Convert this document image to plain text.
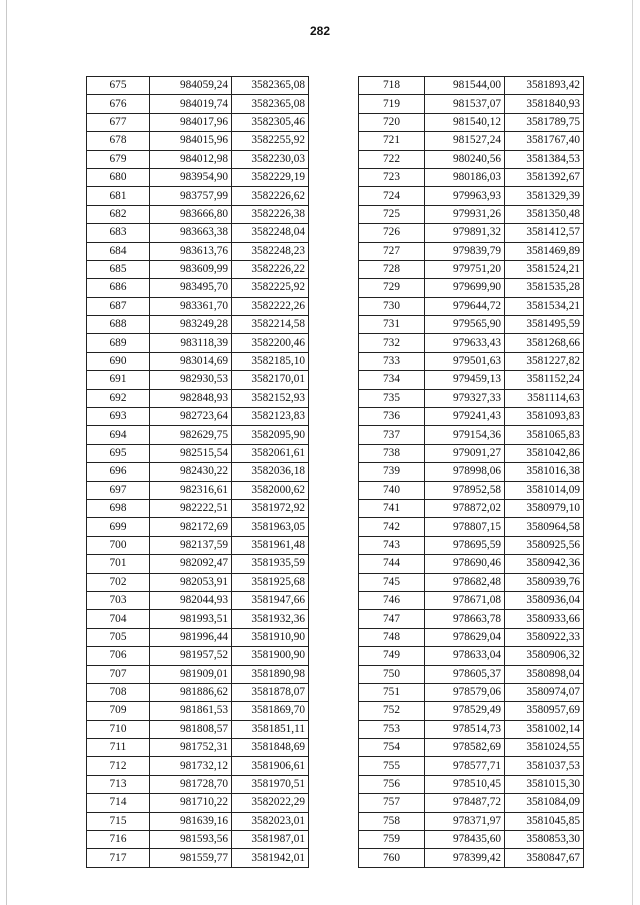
282
675	984059,24	3582365,08
676	984019,74	3582365,08
677	984017,96	3582305,46
678	984015,96	3582255,92
679	984012,98	3582230,03
680	983954,90	3582229,19
681	983757,99	3582226,62
682	983666,80	3582226,38
683	983663,38	3582248,04
684	983613,76	3582248,23
685	983609,99	3582226,22
686	983495,70	3582225,92
687	983361,70	3582222,26
688	983249,28	3582214,58
689	983118,39	3582200,46
690	983014,69	3582185,10
691	982930,53	3582170,01
692	982848,93	3582152,93
693	982723,64	3582123,83
694	982629,75	3582095,90
695	982515,54	3582061,61
696	982430,22	3582036,18
697	982316,61	3582000,62
698	982222,51	3581972,92
699	982172,69	3581963,05
700	982137,59	3581961,48
701	982092,47	3581935,59
702	982053,91	3581925,68
703	982044,93	3581947,66
704	981993,51	3581932,36
705	981996,44	3581910,90
706	981957,52	3581900,90
707	981909,01	3581890,98
708	981886,62	3581878,07
709	981861,53	3581869,70
710	981808,57	3581851,11
711	981752,31	3581848,69
712	981732,12	3581906,61
713	981728,70	3581970,51
714	981710,22	3582022,29
715	981639,16	3582023,01
716	981593,56	3581987,01
717	981559,77	3581942,01
718	981544,00	3581893,42
719	981537,07	3581840,93
720	981540,12	3581789,75
721	981527,24	3581767,40
722	980240,56	3581384,53
723	980186,03	3581392,67
724	979963,93	3581329,39
725	979931,26	3581350,48
726	979891,32	3581412,57
727	979839,79	3581469,89
728	979751,20	3581524,21
729	979699,90	3581535,28
730	979644,72	3581534,21
731	979565,90	3581495,59
732	979633,43	3581268,66
733	979501,63	3581227,82
734	979459,13	3581152,24
735	979327,33	3581114,63
736	979241,43	3581093,83
737	979154,36	3581065,83
738	979091,27	3581042,86
739	978998,06	3581016,38
740	978952,58	3581014,09
741	978872,02	3580979,10
742	978807,15	3580964,58
743	978695,59	3580925,56
744	978690,46	3580942,36
745	978682,48	3580939,76
746	978671,08	3580936,04
747	978663,78	3580933,66
748	978629,04	3580922,33
749	978633,04	3580906,32
750	978605,37	3580898,04
751	978579,06	3580974,07
752	978529,49	3580957,69
753	978514,73	3581002,14
754	978582,69	3581024,55
755	978577,71	3581037,53
756	978510,45	3581015,30
757	978487,72	3581084,09
758	978371,97	3581045,85
759	978435,60	3580853,30
760	978399,42	3580847,67
